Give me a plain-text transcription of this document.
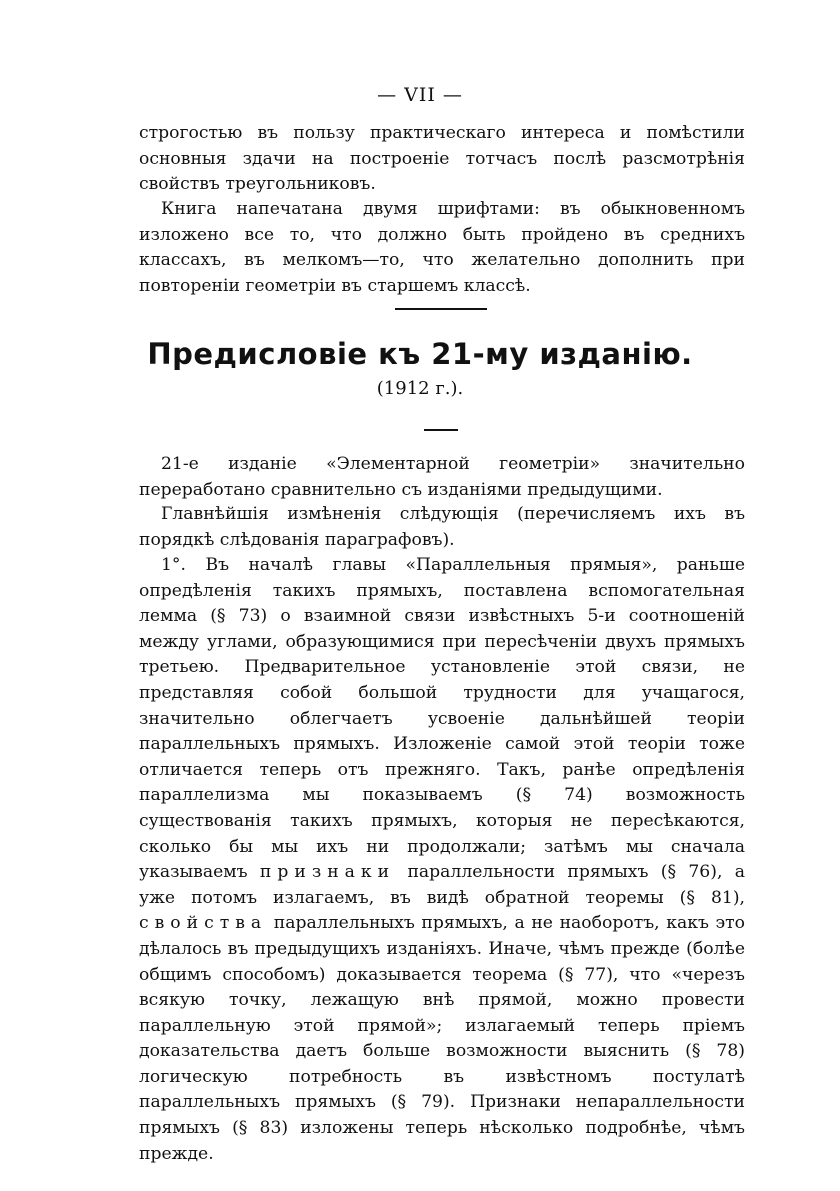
— VII —

строгостью въ пользу практическаго интереса и помѣстили основныя здачи на построеніе тотчасъ послѣ разсмотрѣнія свойствъ треугольниковъ.

Книга напечатана двумя шрифтами: въ обыкновенномъ изложено все то, что должно быть пройдено въ среднихъ классахъ, въ мелкомъ—то, что желательно дополнить при повтореніи геометріи въ старшемъ классѣ.

Предисловіе къ 21-му изданію.
(1912 г.).

21-е изданіе «Элементарной геометріи» значительно переработано сравнительно съ изданіями предыдущими.

Главнѣйшія измѣненія слѣдующія (перечисляемъ ихъ въ порядкѣ слѣдованія параграфовъ).

1°. Въ началѣ главы «Параллельныя прямыя», раньше опредѣленія такихъ прямыхъ, поставлена вспомогательная лемма (§ 73) о взаимной связи извѣстныхъ 5-и соотношеній между углами, образующимися при пересѣченіи двухъ прямыхъ третьею. Предварительное установленіе этой связи, не представляя собой большой трудности для учащагося, значительно облегчаетъ усвоеніе дальнѣйшей теоріи параллельныхъ прямыхъ. Изложеніе самой этой теоріи тоже отличается теперь отъ прежняго. Такъ, ранѣе опредѣленія параллелизма мы показываемъ (§ 74) возможность существованія такихъ прямыхъ, которыя не пересѣкаются, сколько бы мы ихъ ни продолжали; затѣмъ мы сначала указываемъ признаки параллельности прямыхъ (§ 76), а уже потомъ излагаемъ, въ видѣ обратной теоремы (§ 81), свойства параллельныхъ прямыхъ, а не наоборотъ, какъ это дѣлалось въ предыдущихъ изданіяхъ. Иначе, чѣмъ прежде (болѣе общимъ способомъ) доказывается теорема (§ 77), что «черезъ всякую точку, лежащую внѣ прямой, можно провести параллельную этой прямой»; излагаемый теперь пріемъ доказательства даетъ больше возможности выяснить (§ 78) логическую потребность въ извѣстномъ постулатѣ параллельныхъ прямыхъ (§ 79). Признаки непараллельности прямыхъ (§ 83) изложены теперь нѣсколько подробнѣе, чѣмъ прежде.
